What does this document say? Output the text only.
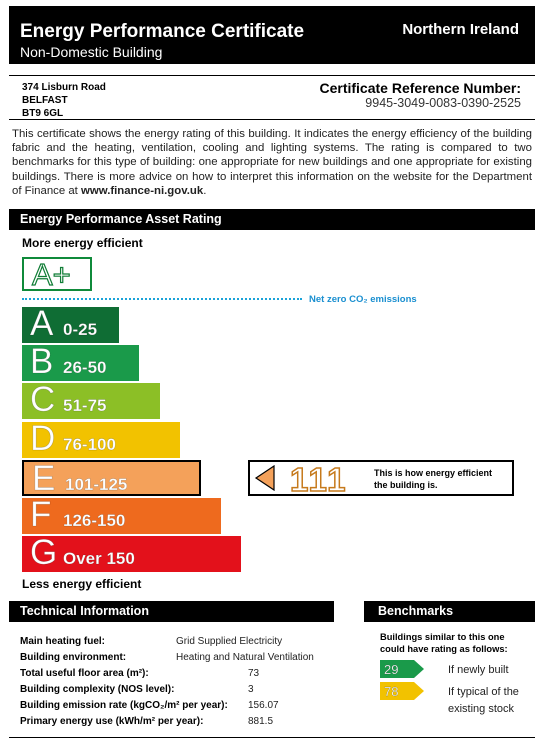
Energy Performance Certificate
Non-Domestic Building
Northern Ireland
374 Lisburn Road
BELFAST
BT9 6GL
Certificate Reference Number:
9945-3049-0083-0390-2525
This certificate shows the energy rating of this building. It indicates the energy efficiency of the building fabric and the heating, ventilation, cooling and lighting systems. The rating is compared to two benchmarks for this type of building: one appropriate for new buildings and one appropriate for existing buildings. There is more advice on how to interpret this information on the website for the Department of Finance at www.finance-ni.gov.uk.
Energy Performance Asset Rating
More energy efficient
A+
Net zero CO₂ emissions
A 0-25
B 26-50
C 51-75
D 76-100
E 101-125
F 126-150
G Over 150
111	This is how energy efficient
the building is.
Less energy efficient
Technical Information
Main heating fuel:	Grid Supplied Electricity
Building environment:	Heating and Natural Ventilation
Total useful floor area (m²):	73
Building complexity (NOS level):	3
Building emission rate (kgCO₂/m² per year): 156.07
Primary energy use (kWh/m² per year):	881.5
Benchmarks
Buildings similar to this one could have rating as follows:
29	If newly built
78	If typical of the existing stock
